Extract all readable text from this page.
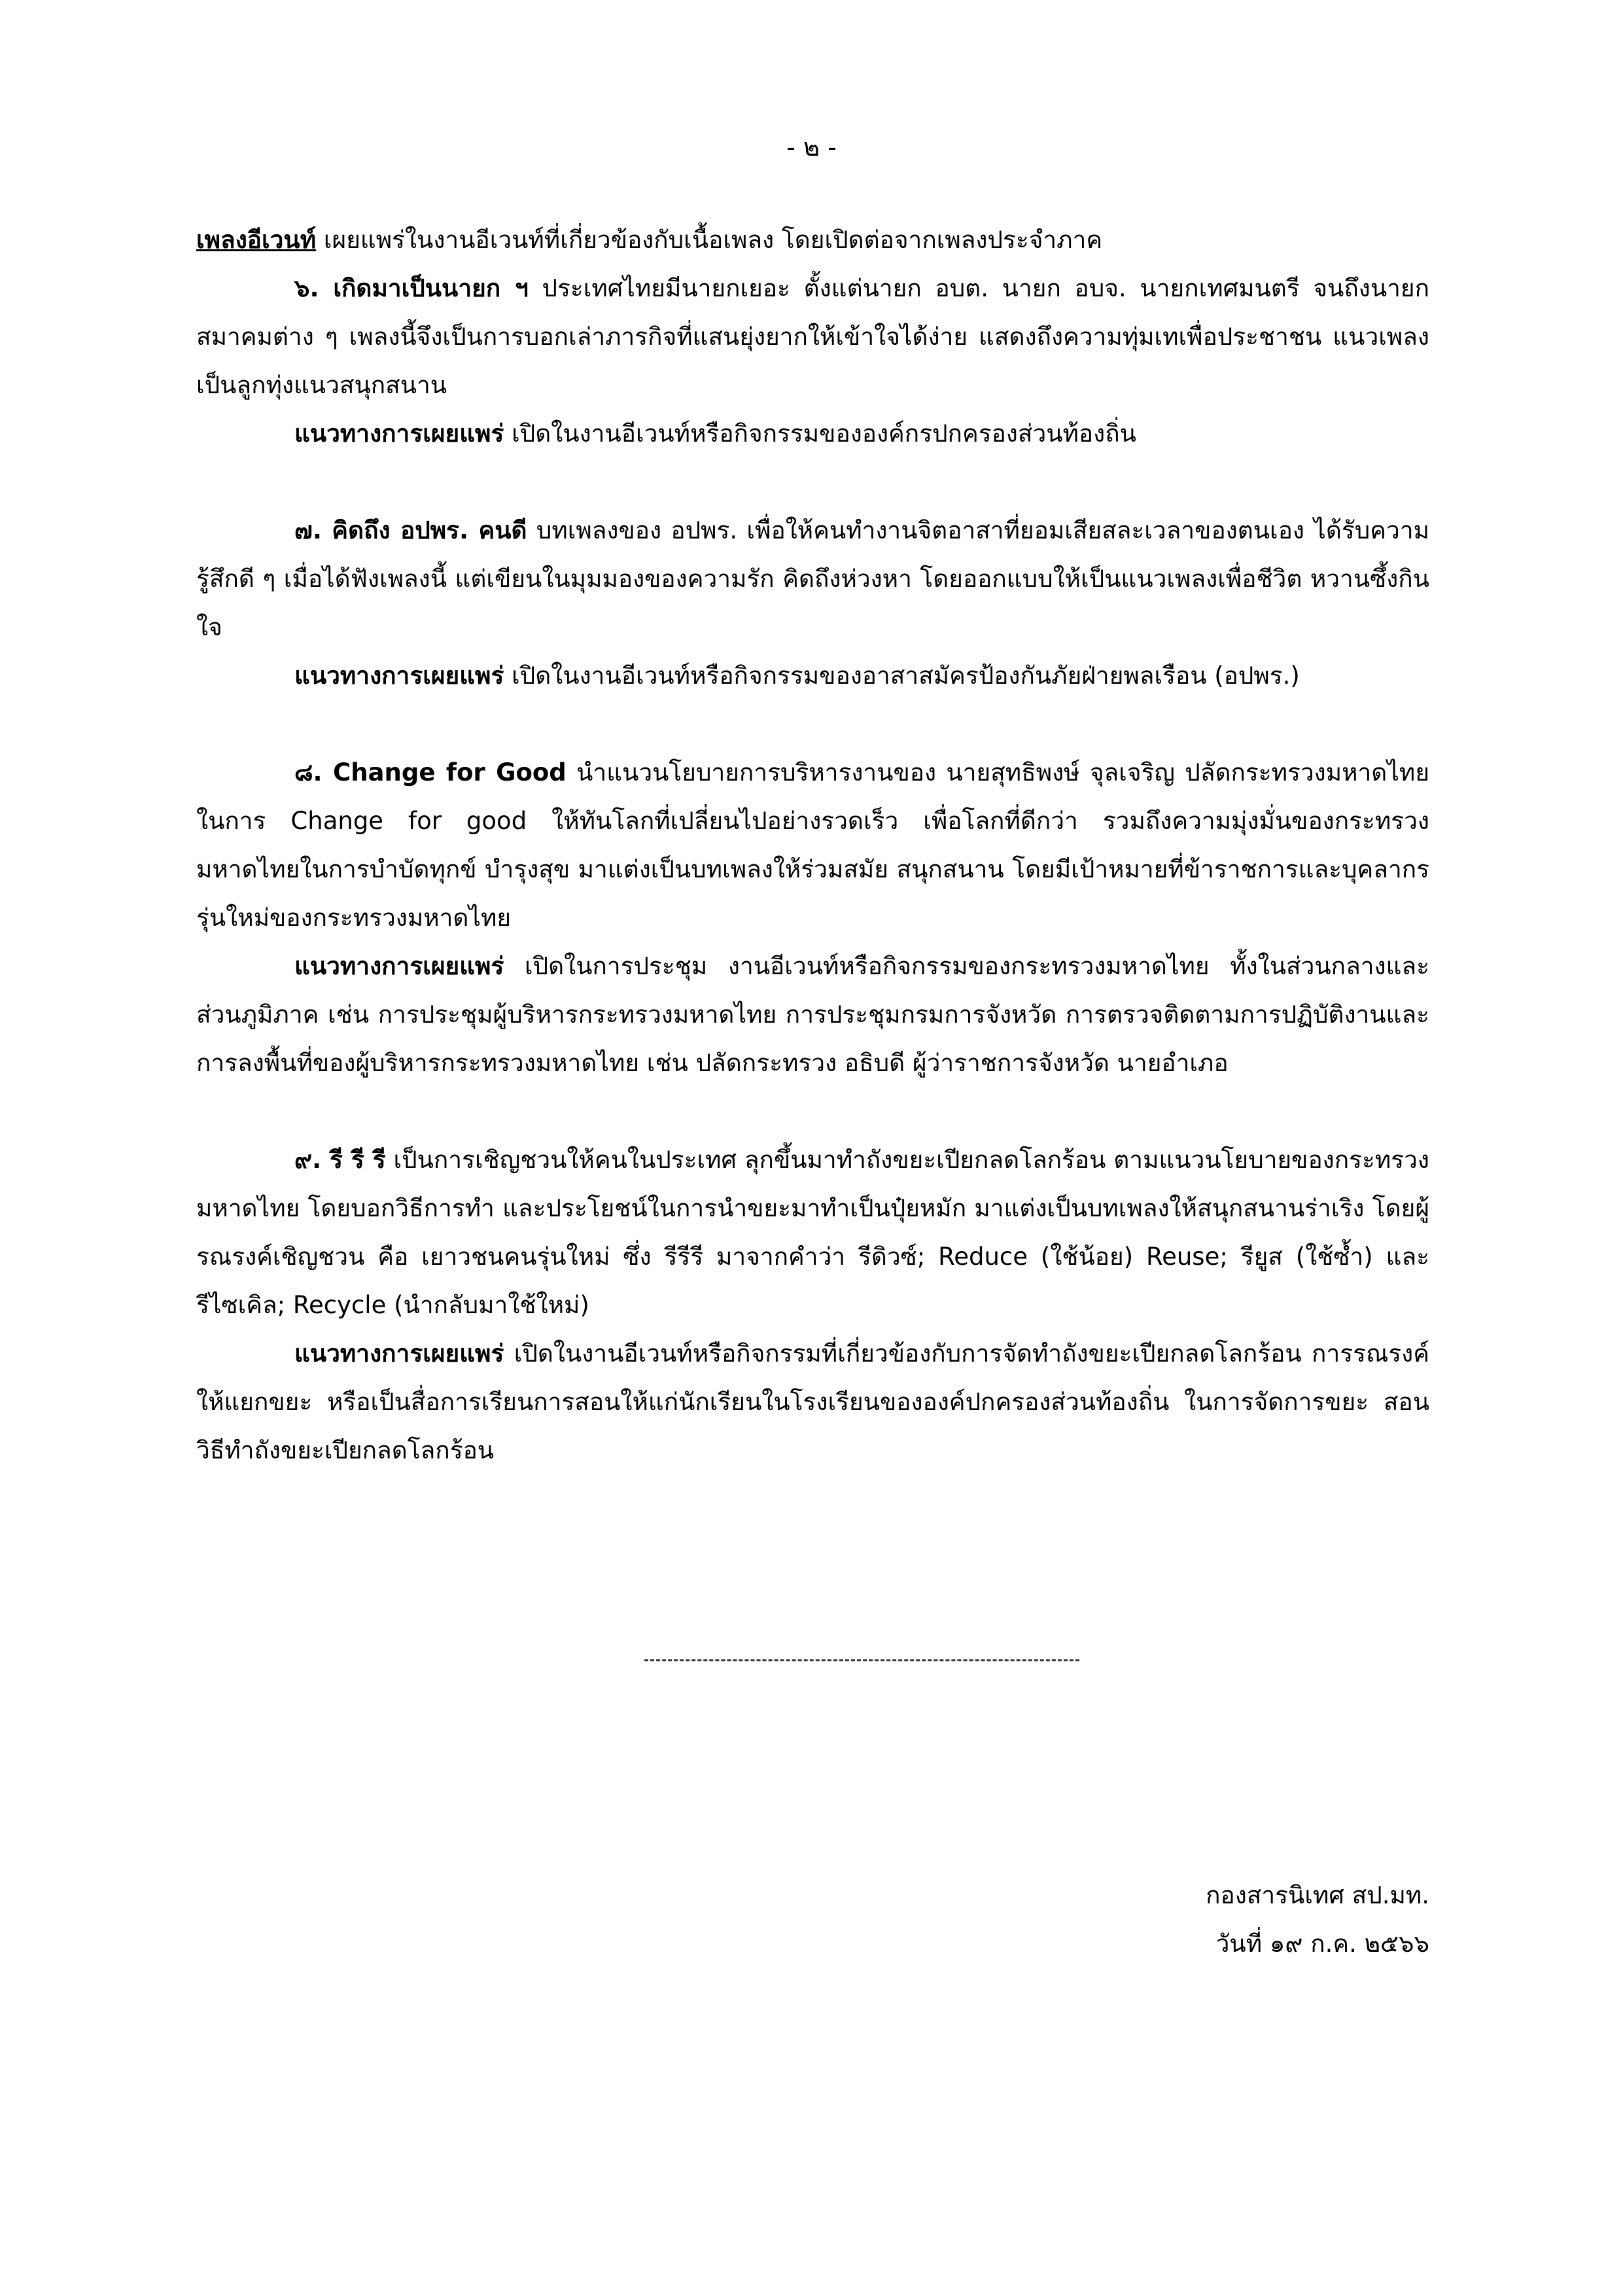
- ๒ -

เพลงอีเวนท์ เผยแพร่ในงานอีเวนท์ที่เกี่ยวข้องกับเนื้อเพลง โดยเปิดต่อจากเพลงประจำภาค

๖. เกิดมาเป็นนายก ฯ ประเทศไทยมีนายกเยอะ ตั้งแต่นายก อบต. นายก อบจ. นายกเทศมนตรี จนถึงนายกสมาคมต่าง ๆ เพลงนี้จึงเป็นการบอกเล่าภารกิจที่แสนยุ่งยากให้เข้าใจได้ง่าย แสดงถึงความทุ่มเทเพื่อประชาชน แนวเพลงเป็นลูกทุ่งแนวสนุกสนาน

แนวทางการเผยแพร่ เปิดในงานอีเวนท์หรือกิจกรรมขององค์กรปกครองส่วนท้องถิ่น

๗. คิดถึง อปพร. คนดี บทเพลงของ อปพร. เพื่อให้คนทำงานจิตอาสาที่ยอมเสียสละเวลาของตนเอง ได้รับความรู้สึกดี ๆ เมื่อได้ฟังเพลงนี้ แต่เขียนในมุมมองของความรัก คิดถึงห่วงหา โดยออกแบบให้เป็นแนวเพลงเพื่อชีวิต หวานซึ้งกินใจ

แนวทางการเผยแพร่ เปิดในงานอีเวนท์หรือกิจกรรมของอาสาสมัครป้องกันภัยฝ่ายพลเรือน (อปพร.)

๘. Change for Good นำแนวนโยบายการบริหารงานของ นายสุทธิพงษ์ จุลเจริญ ปลัดกระทรวงมหาดไทย ในการ Change for good ให้ทันโลกที่เปลี่ยนไปอย่างรวดเร็ว เพื่อโลกที่ดีกว่า รวมถึงความมุ่งมั่นของกระทรวงมหาดไทยในการบำบัดทุกข์ บำรุงสุข มาแต่งเป็นบทเพลงให้ร่วมสมัย สนุกสนาน โดยมีเป้าหมายที่ข้าราชการและบุคลากรรุ่นใหม่ของกระทรวงมหาดไทย

แนวทางการเผยแพร่ เปิดในการประชุม งานอีเวนท์หรือกิจกรรมของกระทรวงมหาดไทย ทั้งในส่วนกลางและส่วนภูมิภาค เช่น การประชุมผู้บริหารกระทรวงมหาดไทย การประชุมกรมการจังหวัด การตรวจติดตามการปฏิบัติงานและการลงพื้นที่ของผู้บริหารกระทรวงมหาดไทย เช่น ปลัดกระทรวง อธิบดี ผู้ว่าราชการจังหวัด นายอำเภอ

๙. รี รี รี เป็นการเชิญชวนให้คนในประเทศ ลุกขึ้นมาทำถังขยะเปียกลดโลกร้อน ตามแนวนโยบายของกระทรวงมหาดไทย โดยบอกวิธีการทำ และประโยชน์ในการนำขยะมาทำเป็นปุ๋ยหมัก มาแต่งเป็นบทเพลงให้สนุกสนานร่าเริง โดยผู้รณรงค์เชิญชวน คือ เยาวชนคนรุ่นใหม่ ซึ่ง รีรีรี มาจากคำว่า รีดิวซ์; Reduce (ใช้น้อย) Reuse; รียูส (ใช้ซ้ำ) และ รีไซเคิล; Recycle (นำกลับมาใช้ใหม่)

แนวทางการเผยแพร่ เปิดในงานอีเวนท์หรือกิจกรรมที่เกี่ยวข้องกับการจัดทำถังขยะเปียกลดโลกร้อน การรณรงค์ให้แยกขยะ หรือเป็นสื่อการเรียนการสอนให้แก่นักเรียนในโรงเรียนขององค์ปกครองส่วนท้องถิ่น ในการจัดการขยะ สอนวิธีทำถังขยะเปียกลดโลกร้อน

กองสารนิเทศ สป.มท.
วันที่ ๑๙ ก.ค. ๒๕๖๖
